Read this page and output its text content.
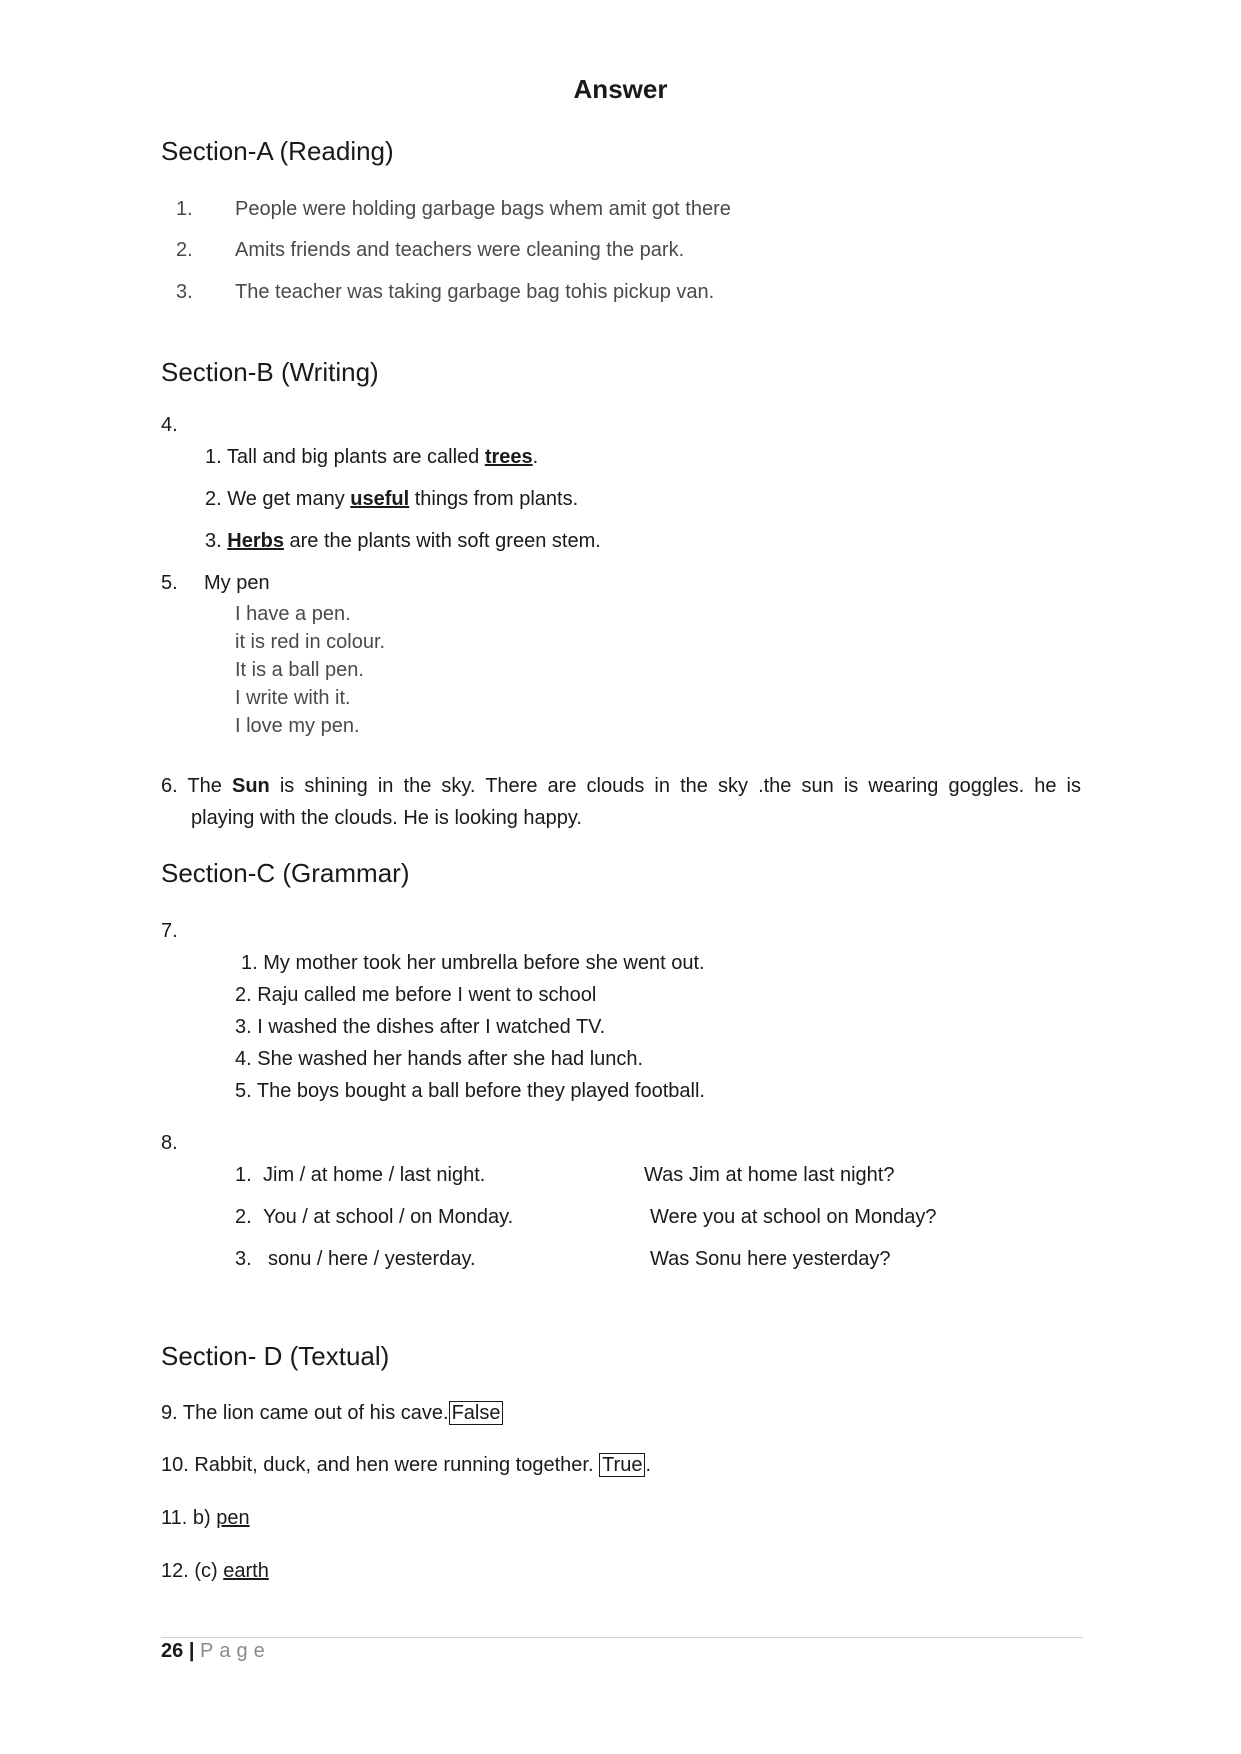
Answer
Section-A (Reading)
1. People were holding garbage bags whem amit got there
2. Amits friends and teachers were cleaning the park.
3. The teacher was taking garbage bag tohis pickup van.
Section-B (Writing)
4.
1. Tall and big plants are called trees.
2. We get many useful things from plants.
3. Herbs are the plants with soft green stem.
5. My pen
I have a pen.
it is red in colour.
It is a ball pen.
I write with it.
I love my pen.
6. The Sun is shining in the sky. There are clouds in the sky .the sun is wearing goggles. he is
playing with the clouds. He is looking happy.
Section-C (Grammar)
7.
1. My mother took her umbrella before she went out.
2. Raju called me before I went to school
3. I washed the dishes after I watched TV.
4. She washed her hands after she had lunch.
5. The boys bought a ball before they played football.
8.
1. Jim / at home / last night.	Was Jim at home last night?
2. You / at school / on Monday.	Were you at school on Monday?
3. sonu / here / yesterday.	Was Sonu here yesterday?
Section- D (Textual)
9. The lion came out of his cave. False
10. Rabbit, duck, and hen were running together. True .
11. b) pen
12. (c) earth
26 | Page
